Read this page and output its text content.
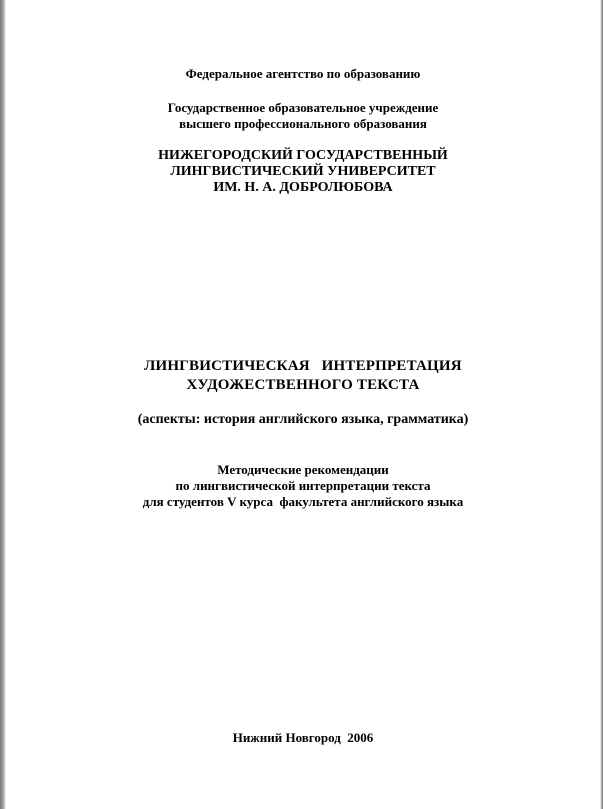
Федеральное агентство по образованию
Государственное образовательное учреждение
высшего профессионального образования
НИЖЕГОРОДСКИЙ ГОСУДАРСТВЕННЫЙ
ЛИНГВИСТИЧЕСКИЙ УНИВЕРСИТЕТ
ИМ. Н. А. ДОБРОЛЮБОВА
ЛИНГВИСТИЧЕСКАЯ   ИНТЕРПРЕТАЦИЯ
ХУДОЖЕСТВЕННОГО ТЕКСТА
(аспекты: история английского языка, грамматика)
Методические рекомендации
по лингвистической интерпретации текста
для студентов V курса  факультета английского языка
Нижний Новгород  2006
